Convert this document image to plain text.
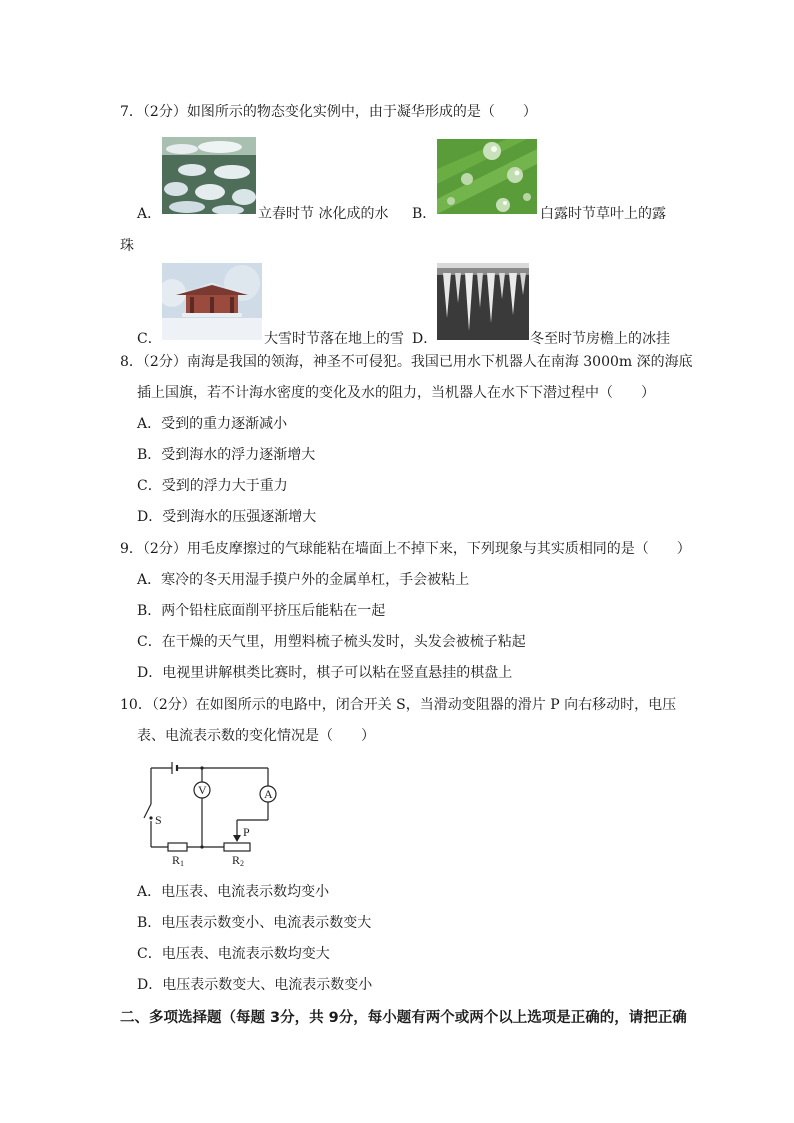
7．（2分）如图所示的物态变化实例中，由于凝华形成的是（　　）
A．	立春时节 冰化成的水 B．	白露时节草叶上的露
珠
C．	大雪时节落在地上的雪 D．	冬至时节房檐上的冰挂
8．（2分）南海是我国的领海，神圣不可侵犯。我国已用水下机器人在南海 3000m 深的海底
插上国旗，若不计海水密度的变化及水的阻力，当机器人在水下下潜过程中（　　）
A．受到的重力逐渐减小
B．受到海水的浮力逐渐增大
C．受到的浮力大于重力
D．受到海水的压强逐渐增大
9．（2分）用毛皮摩擦过的气球能粘在墙面上不掉下来，下列现象与其实质相同的是（　　）
A．寒冷的冬天用湿手摸户外的金属单杠，手会被粘上
B．两个铅柱底面削平挤压后能粘在一起
C．在干燥的天气里，用塑料梳子梳头发时，头发会被梳子粘起
D．电视里讲解棋类比赛时，棋子可以粘在竖直悬挂的棋盘上
10．（2分）在如图所示的电路中，闭合开关 S，当滑动变阻器的滑片 P 向右移动时，电压
表、电流表示数的变化情况是（　　）
V	A
S
P
R1	R2
A．电压表、电流表示数均变小
B．电压表示数变小、电流表示数变大
C．电压表、电流表示数均变大
D．电压表示数变大、电流表示数变小
二、多项选择题（每题 3分，共 9分，每小题有两个或两个以上选项是正确的，请把正确
